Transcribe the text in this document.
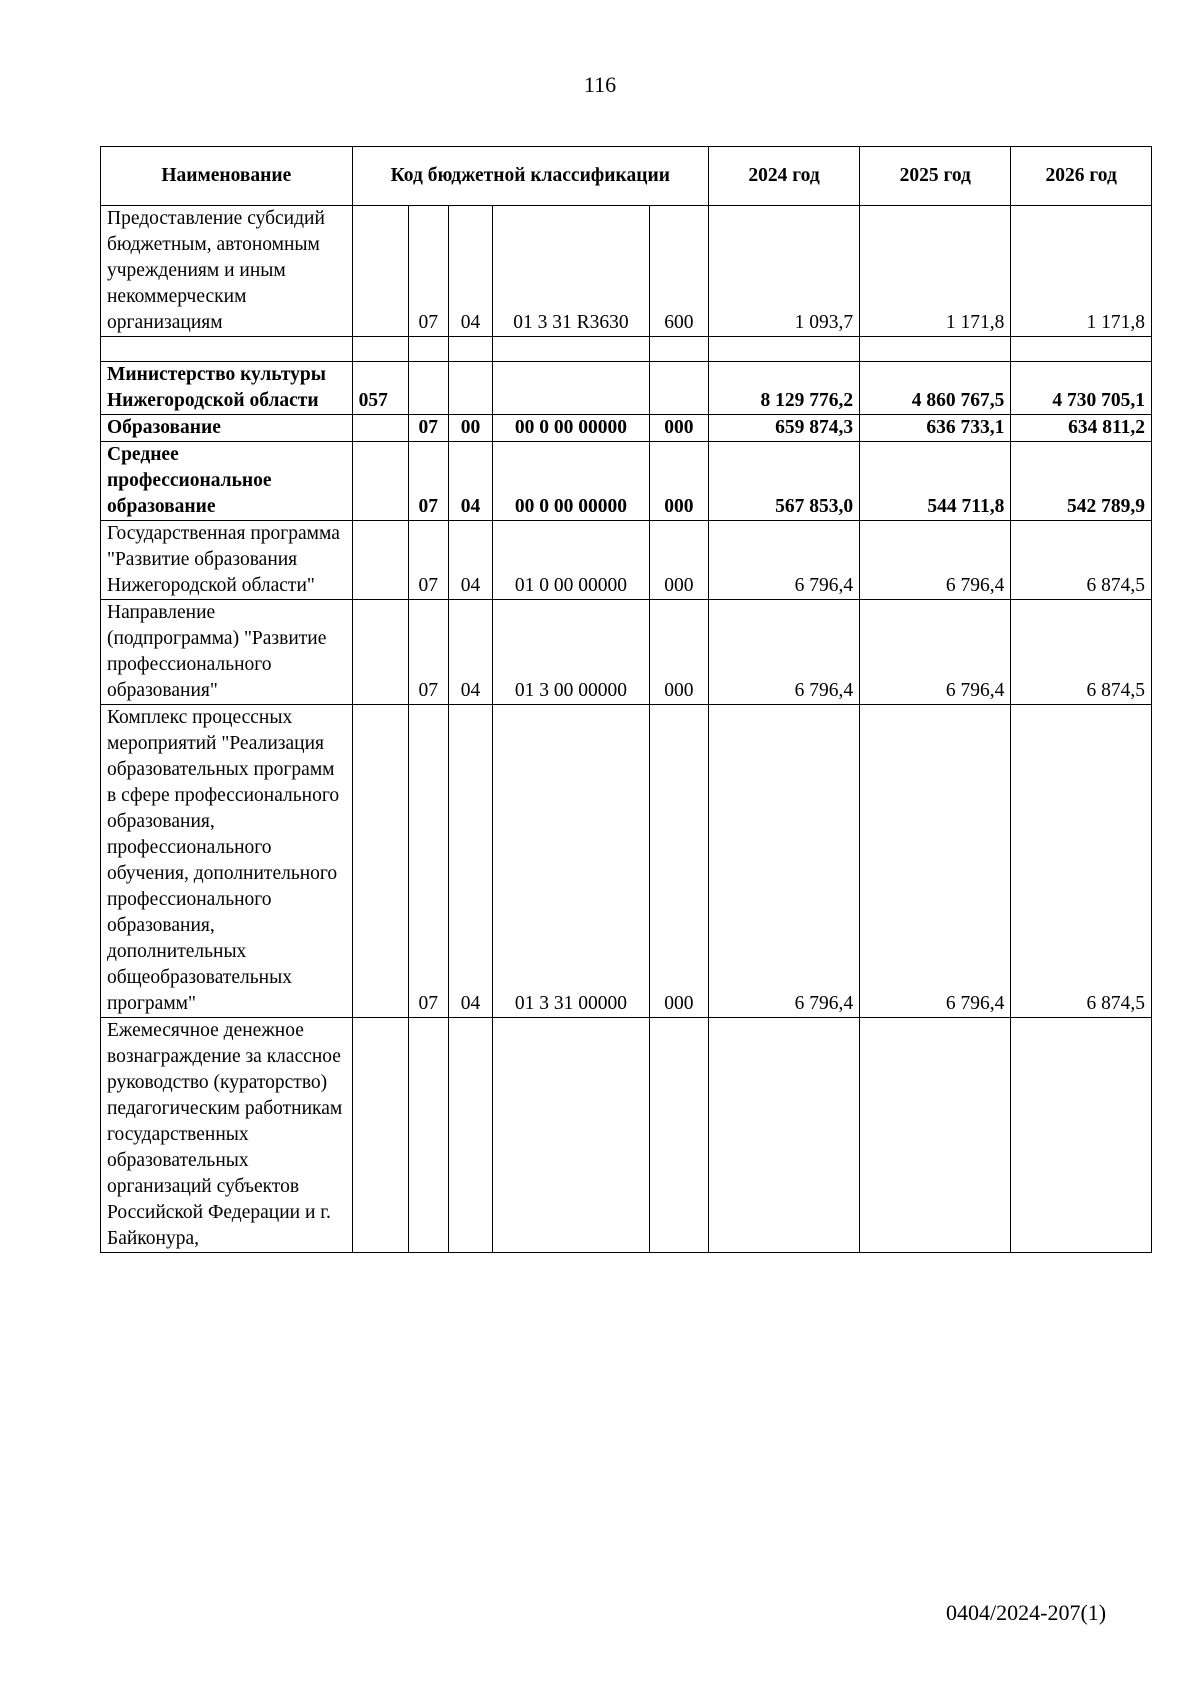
116
Наименование	Код бюджетной классификации					2024 год	2025 год	2026 год
Предоставление субсидий бюджетным, автономным учреждениям и иным некоммерческим организациям		07	04	01 3 31 R3630	600	1 093,7	1 171,8	1 171,8

Министерство культуры Нижегородской области	057					8 129 776,2	4 860 767,5	4 730 705,1
Образование		07	00	00 0 00 00000	000	659 874,3	636 733,1	634 811,2
Среднее профессиональное образование		07	04	00 0 00 00000	000	567 853,0	544 711,8	542 789,9
Государственная программа "Развитие образования Нижегородской области"		07	04	01 0 00 00000	000	6 796,4	6 796,4	6 874,5
Направление (подпрограмма) "Развитие профессионального образования"		07	04	01 3 00 00000	000	6 796,4	6 796,4	6 874,5
Комплекс процессных мероприятий "Реализация образовательных программ в сфере профессионального образования, профессионального обучения, дополнительного профессионального образования, дополнительных общеобразовательных программ"		07	04	01 3 31 00000	000	6 796,4	6 796,4	6 874,5
Ежемесячное денежное вознаграждение за классное руководство (кураторство) педагогическим работникам государственных образовательных организаций субъектов Российской Федерации и г. Байконура,								
0404/2024-207(1)
